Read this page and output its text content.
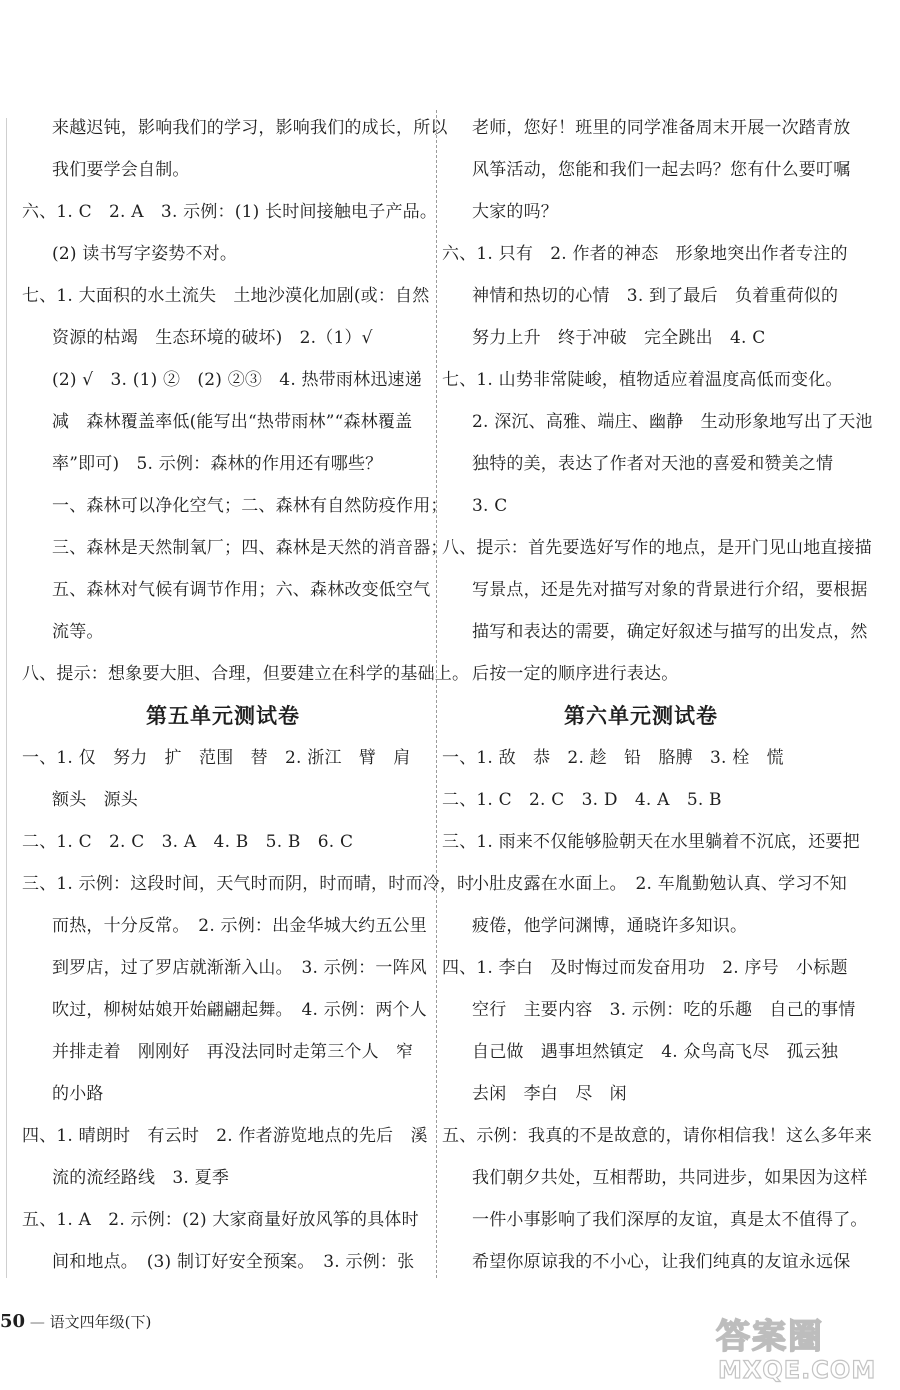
来越迟钝，影响我们的学习，影响我们的成长，所以
我们要学会自制。
六、1. C　2. A　3. 示例：(1) 长时间接触电子产品。
(2) 读书写字姿势不对。
七、1. 大面积的水土流失　土地沙漠化加剧(或：自然
资源的枯竭　生态环境的破坏)　2.（1）√
(2) √　3. (1) ②　(2) ②③　4. 热带雨林迅速递
减　森林覆盖率低(能写出“热带雨林”“森林覆盖
率”即可)　5. 示例：森林的作用还有哪些？
一、森林可以净化空气；二、森林有自然防疫作用；
三、森林是天然制氧厂；四、森林是天然的消音器；
五、森林对气候有调节作用；六、森林改变低空气
流等。
八、提示：想象要大胆、合理，但要建立在科学的基础上。
第五单元测试卷
一、1. 仅　努力　扩　范围　替　2. 浙江　臂　肩
额头　源头
二、1. C　2. C　3. A　4. B　5. B　6. C
三、1. 示例：这段时间，天气时而阴，时而晴，时而冷，时
而热，十分反常。　2. 示例：出金华城大约五公里
到罗店，过了罗店就渐渐入山。　3. 示例：一阵风
吹过，柳树姑娘开始翩翩起舞。　4. 示例：两个人
并排走着　刚刚好　再没法同时走第三个人　窄
的小路
四、1. 晴朗时　有云时　2. 作者游览地点的先后　溪
流的流经路线　3. 夏季
五、1. A　2. 示例：(2) 大家商量好放风筝的具体时
间和地点。　(3) 制订好安全预案。　3. 示例：张
老师，您好！班里的同学准备周末开展一次踏青放
风筝活动，您能和我们一起去吗？您有什么要叮嘱
大家的吗？
六、1. 只有　2. 作者的神态　形象地突出作者专注的
神情和热切的心情　3. 到了最后　负着重荷似的
努力上升　终于冲破　完全跳出　4. C
七、1. 山势非常陡峻，植物适应着温度高低而变化。
2. 深沉、高雅、端庄、幽静　生动形象地写出了天池
独特的美，表达了作者对天池的喜爱和赞美之情
3. C
八、提示：首先要选好写作的地点，是开门见山地直接描
写景点，还是先对描写对象的背景进行介绍，要根据
描写和表达的需要，确定好叙述与描写的出发点，然
后按一定的顺序进行表达。
第六单元测试卷
一、1. 敌　恭　2. 趁　铅　胳膊　3. 栓　慌
二、1. C　2. C　3. D　4. A　5. B
三、1. 雨来不仅能够脸朝天在水里躺着不沉底，还要把
小肚皮露在水面上。　2. 车胤勤勉认真、学习不知
疲倦，他学问渊博，通晓许多知识。
四、1. 李白　及时悔过而发奋用功　2. 序号　小标题
空行　主要内容　3. 示例：吃的乐趣　自己的事情
自己做　遇事坦然镇定　4. 众鸟高飞尽　孤云独
去闲　李白　尽　闲
五、示例：我真的不是故意的，请你相信我！这么多年来
我们朝夕共处，互相帮助，共同进步，如果因为这样
一件小事影响了我们深厚的友谊，真是太不值得了。
希望你原谅我的不小心，让我们纯真的友谊永远保
50 — 语文四年级(下)	答案圈
MXQE.COM
